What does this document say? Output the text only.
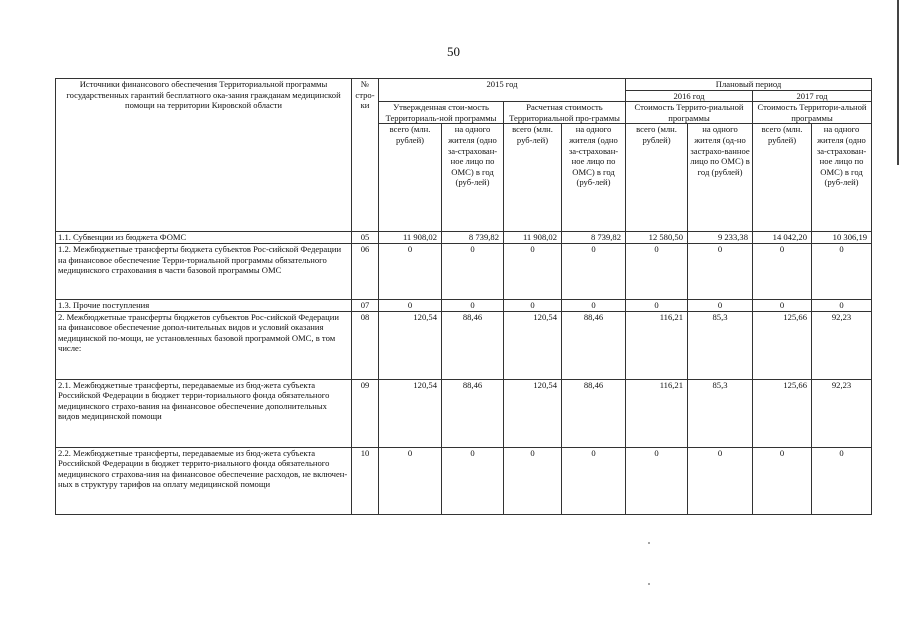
50
Источники финансового обеспечения Территориальной программы государственных гарантий бесплатного ока-зания гражданам медицинской помощи на территории Кировской области	№ стро-ки	2015 год				Плановый период			
						2016 год		2017 год	
		Утвержденная стои-мость Территориаль-ной программы		Расчетная стоимость Территориальной про-граммы		Стоимость Террито-риальной программы		Стоимость Территори-альной программы	
		всего (млн. рублей)	на одного жителя (одно за-страхован-ное лицо по ОМС) в год (руб-лей)	всего (млн. руб-лей)	на одного жителя (одно за-страхован-ное лицо по ОМС) в год (руб-лей)	всего (млн. рублей)	на одного жителя (од-но застрахо-ванное лицо по ОМС) в год (рублей)	всего (млн. рублей)	на одного жителя (одно за-страхован-ное лицо по ОМС) в год (руб-лей)
1.1. Субвенции из бюджета ФОМС	05	11 908,02	8 739,82	11 908,02	8 739,82	12 580,50	9 233,38	14 042,20	10 306,19
1.2. Межбюджетные трансферты бюджета субъектов Рос-сийской Федерации на финансовое обеспечение Терри-ториальной программы обязательного медицинского страхования в части базовой программы ОМС	06	0	0	0	0	0	0	0	0
1.3. Прочие поступления	07	0	0	0	0	0	0	0	0
2. Межбюджетные трансферты бюджетов субъектов Рос-сийской Федерации на финансовое обеспечение допол-нительных видов и условий оказания медицинской по-мощи, не установленных базовой программой ОМС, в том числе:	08	120,54	88,46	120,54	88,46	116,21	85,3	125,66	92,23
2.1. Межбюджетные трансферты, передаваемые из бюд-жета субъекта Российской Федерации в бюджет терри-ториального фонда обязательного медицинского страхо-вания на финансовое обеспечение дополнительных видов медицинской помощи	09	120,54	88,46	120,54	88,46	116,21	85,3	125,66	92,23
2.2. Межбюджетные трансферты, передаваемые из бюд-жета субъекта Российской Федерации в бюджет террито-риального фонда обязательного медицинского страхова-ния на финансовое обеспечение расходов, не включен-ных в структуру тарифов на оплату медицинской помощи	10	0	0	0	0	0	0	0	0
